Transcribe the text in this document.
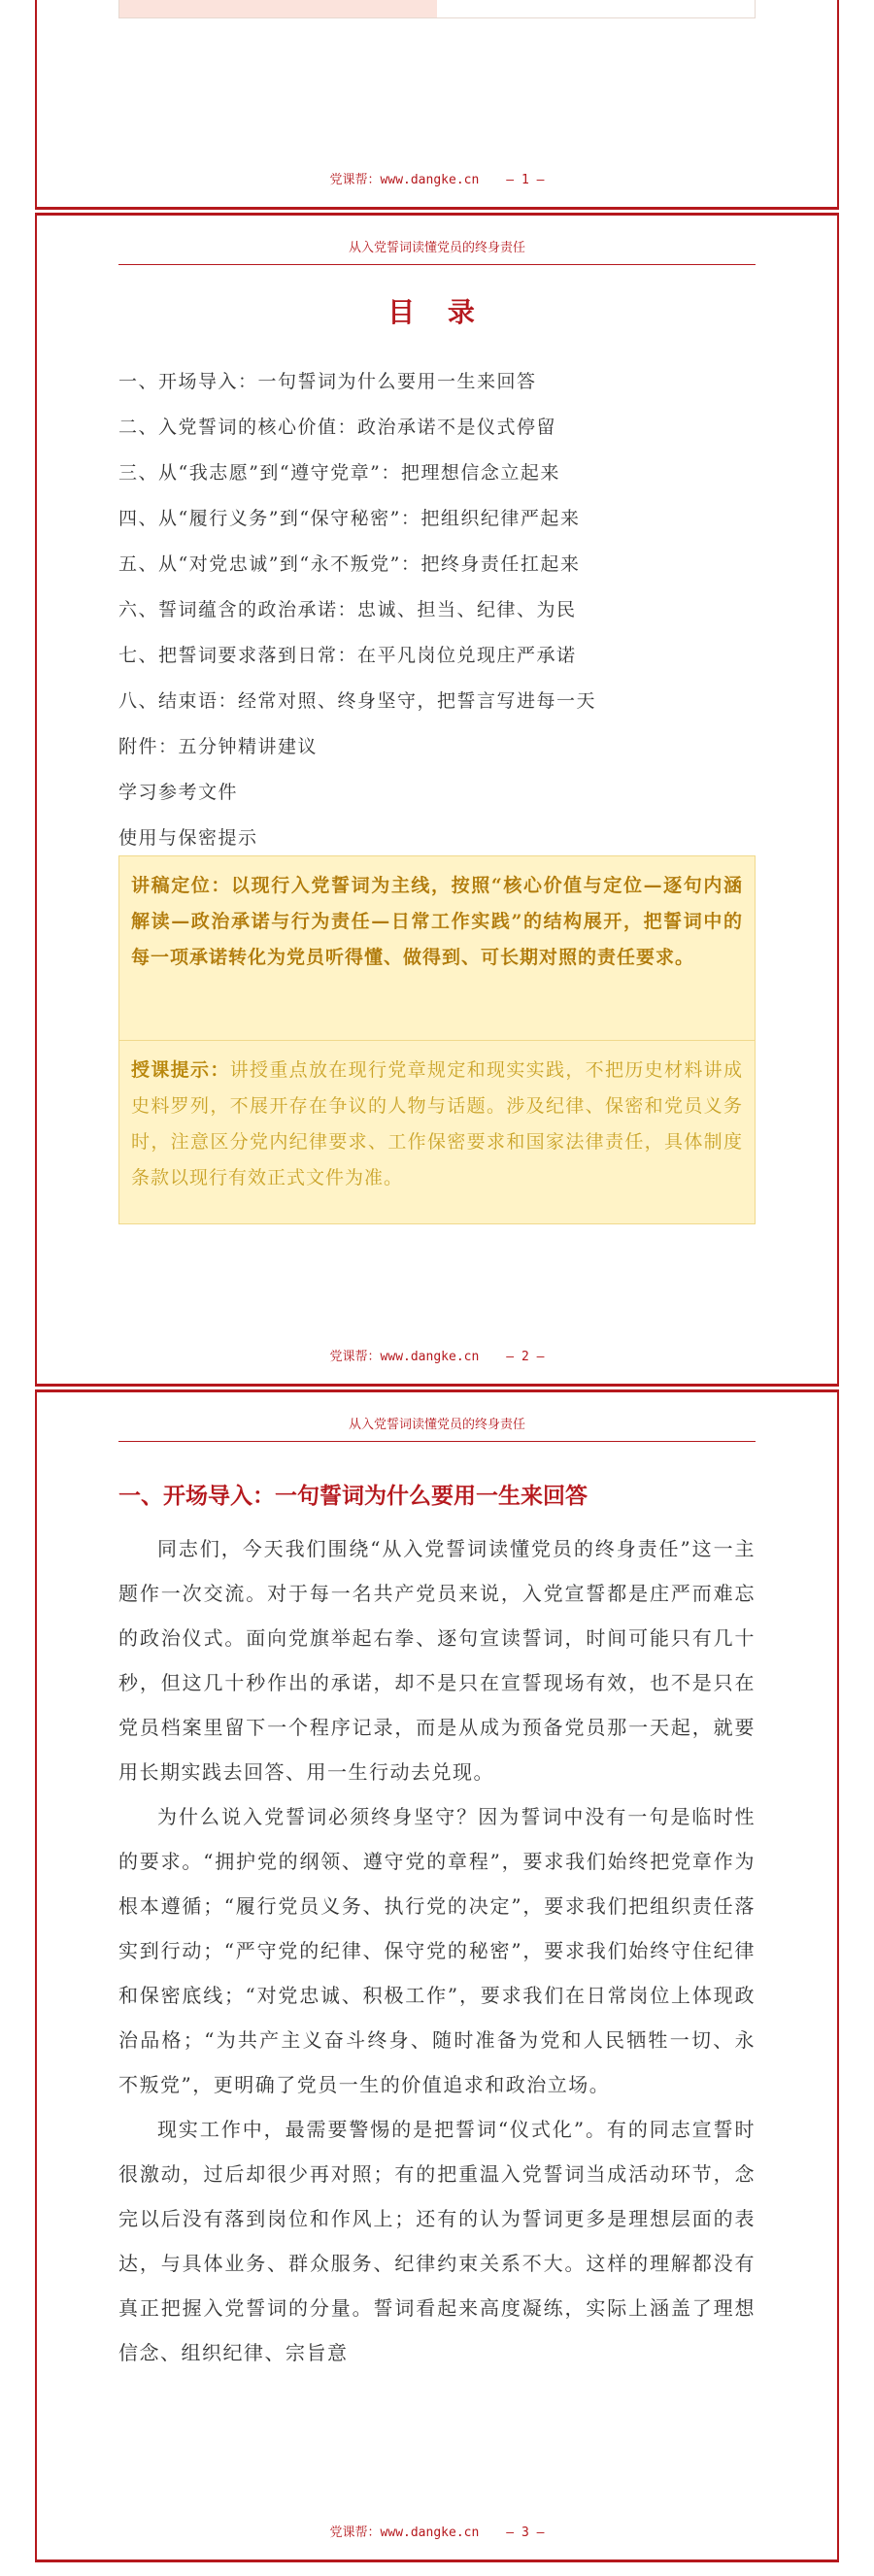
党课帮：www.dangke.cn — 1 —
从入党誓词读懂党员的终身责任
目 录
一、开场导入：一句誓词为什么要用一生来回答
二、入党誓词的核心价值：政治承诺不是仪式停留
三、从“我志愿”到“遵守党章”：把理想信念立起来
四、从“履行义务”到“保守秘密”：把组织纪律严起来
五、从“对党忠诚”到“永不叛党”：把终身责任扛起来
六、誓词蕴含的政治承诺：忠诚、担当、纪律、为民
七、把誓词要求落到日常：在平凡岗位兑现庄严承诺
八、结束语：经常对照、终身坚守，把誓言写进每一天
附件：五分钟精讲建议
学习参考文件
使用与保密提示
讲稿定位：以现行入党誓词为主线，按照“核心价值与定位—逐句内涵解读—政治承诺与行为责任—日常工作实践”的结构展开，把誓词中的每一项承诺转化为党员听得懂、做得到、可长期对照的责任要求。
授课提示：讲授重点放在现行党章规定和现实实践，不把历史材料讲成史料罗列，不展开存在争议的人物与话题。涉及纪律、保密和党员义务时，注意区分党内纪律要求、工作保密要求和国家法律责任，具体制度条款以现行有效正式文件为准。
党课帮：www.dangke.cn — 2 —
从入党誓词读懂党员的终身责任
一、开场导入：一句誓词为什么要用一生来回答

同志们，今天我们围绕“从入党誓词读懂党员的终身责任”这一主题作一次交流。对于每一名共产党员来说，入党宣誓都是庄严而难忘的政治仪式。面向党旗举起右拳、逐句宣读誓词，时间可能只有几十秒，但这几十秒作出的承诺，却不是只在宣誓现场有效，也不是只在党员档案里留下一个程序记录，而是从成为预备党员那一天起，就要用长期实践去回答、用一生行动去兑现。

为什么说入党誓词必须终身坚守？因为誓词中没有一句是临时性的要求。“拥护党的纲领、遵守党的章程”，要求我们始终把党章作为根本遵循；“履行党员义务、执行党的决定”，要求我们把组织责任落实到行动；“严守党的纪律、保守党的秘密”，要求我们始终守住纪律和保密底线；“对党忠诚、积极工作”，要求我们在日常岗位上体现政治品格；“为共产主义奋斗终身、随时准备为党和人民牺牲一切、永不叛党”，更明确了党员一生的价值追求和政治立场。

现实工作中，最需要警惕的是把誓词“仪式化”。有的同志宣誓时很激动，过后却很少再对照；有的把重温入党誓词当成活动环节，念完以后没有落到岗位和作风上；还有的认为誓词更多是理想层面的表达，与具体业务、群众服务、纪律约束关系不大。这样的理解都没有真正把握入党誓词的分量。誓词看起来高度凝练，实际上涵盖了理想信念、组织纪律、宗旨意

党课帮：www.dangke.cn — 3 —
